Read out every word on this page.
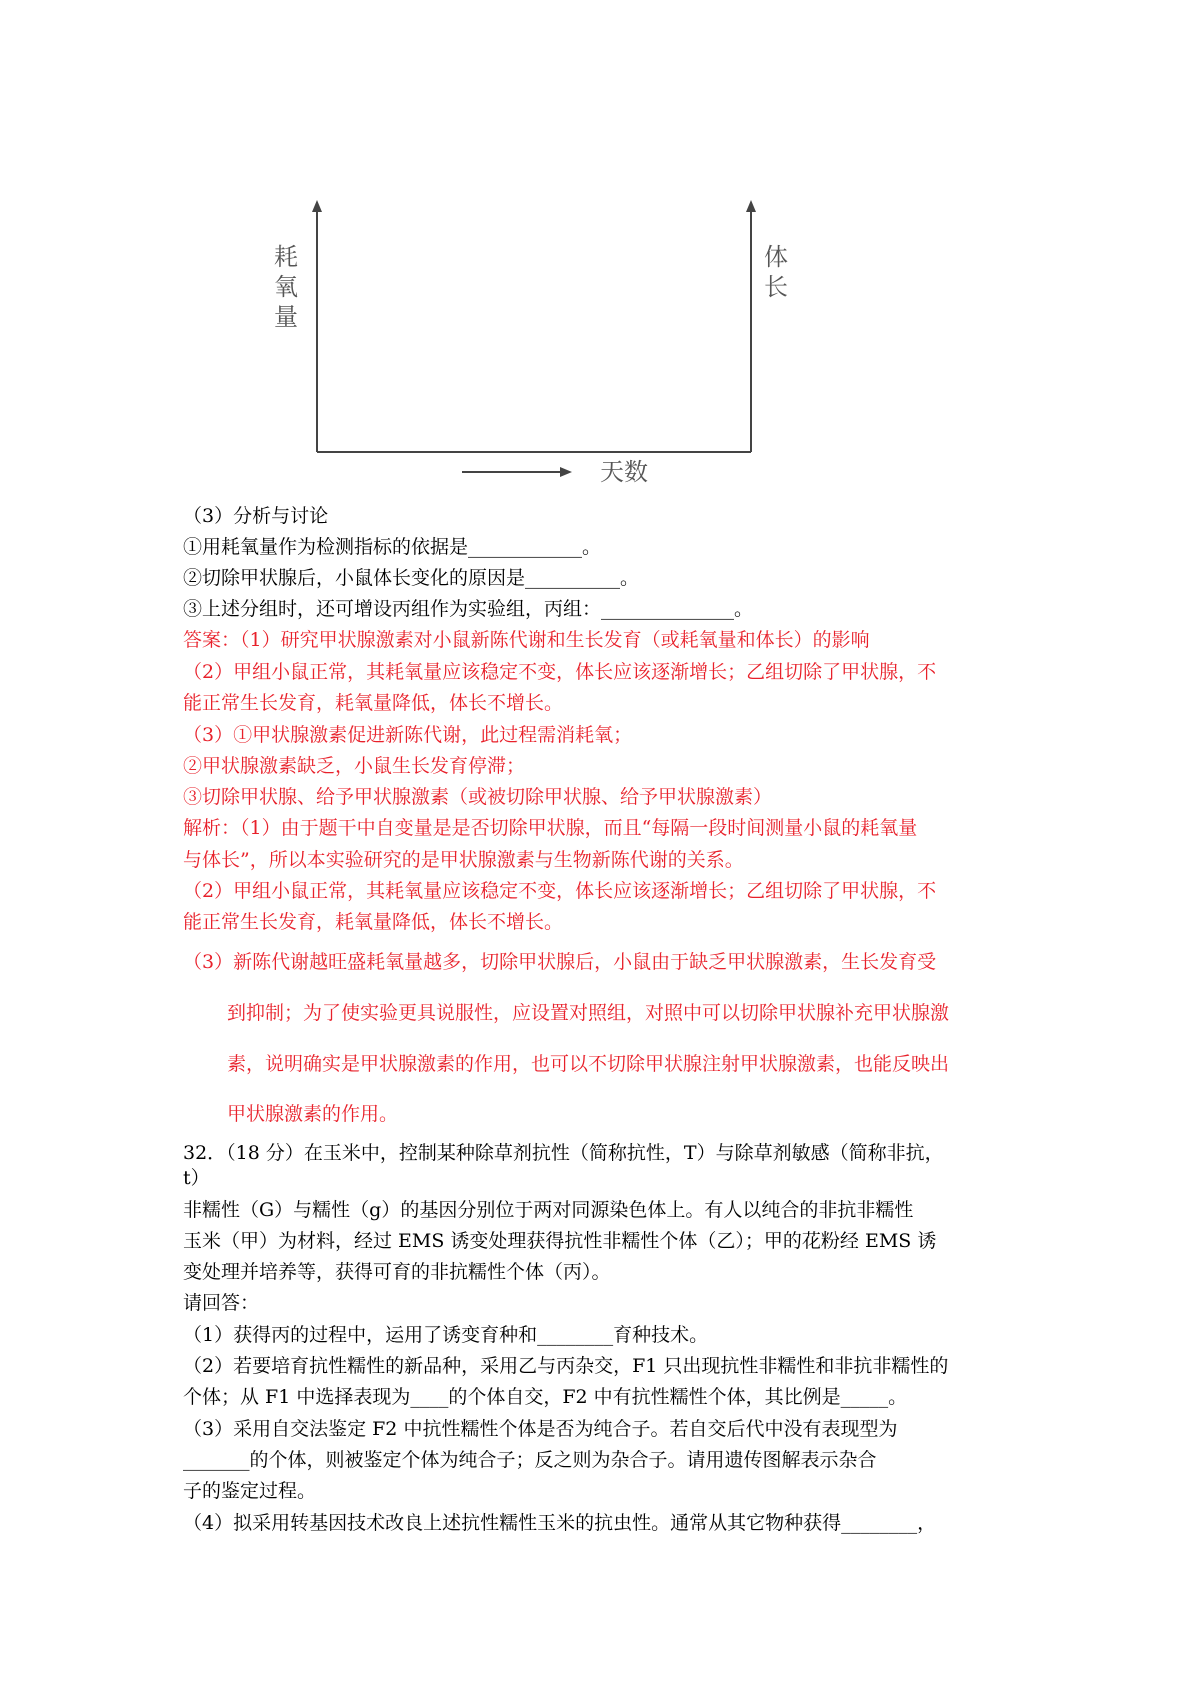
耗
氧
量
体
长
天数
（3）分析与讨论
①用耗氧量作为检测指标的依据是____________。
②切除甲状腺后，小鼠体长变化的原因是__________。
③上述分组时，还可增设丙组作为实验组，丙组：______________。
答案：（1）研究甲状腺激素对小鼠新陈代谢和生长发育（或耗氧量和体长）的影响
（2）甲组小鼠正常，其耗氧量应该稳定不变，体长应该逐渐增长；乙组切除了甲状腺，不
能正常生长发育，耗氧量降低，体长不增长。
（3）①甲状腺激素促进新陈代谢，此过程需消耗氧；
②甲状腺激素缺乏，小鼠生长发育停滞；
③切除甲状腺、给予甲状腺激素（或被切除甲状腺、给予甲状腺激素）
解析：（1）由于题干中自变量是是否切除甲状腺，而且“每隔一段时间测量小鼠的耗氧量
与体长”，所以本实验研究的是甲状腺激素与生物新陈代谢的关系。
（2）甲组小鼠正常，其耗氧量应该稳定不变，体长应该逐渐增长；乙组切除了甲状腺，不
能正常生长发育，耗氧量降低，体长不增长。
（3）新陈代谢越旺盛耗氧量越多，切除甲状腺后，小鼠由于缺乏甲状腺激素，生长发育受
到抑制；为了使实验更具说服性，应设置对照组，对照中可以切除甲状腺补充甲状腺激
素，说明确实是甲状腺激素的作用，也可以不切除甲状腺注射甲状腺激素，也能反映出
甲状腺激素的作用。
32．（18 分）在玉米中，控制某种除草剂抗性（简称抗性，T）与除草剂敏感（简称非抗，
t）
非糯性（G）与糯性（g）的基因分别位于两对同源染色体上。有人以纯合的非抗非糯性
玉米（甲）为材料，经过 EMS 诱变处理获得抗性非糯性个体（乙）；甲的花粉经 EMS 诱
变处理并培养等，获得可育的非抗糯性个体（丙）。
请回答：
（1）获得丙的过程中，运用了诱变育种和________育种技术。
（2）若要培育抗性糯性的新品种，采用乙与丙杂交，F1 只出现抗性非糯性和非抗非糯性的
个体；从 F1 中选择表现为____的个体自交，F2 中有抗性糯性个体，其比例是_____。
（3）采用自交法鉴定 F2 中抗性糯性个体是否为纯合子。若自交后代中没有表现型为
_______的个体，则被鉴定个体为纯合子；反之则为杂合子。请用遗传图解表示杂合
子的鉴定过程。
（4）拟采用转基因技术改良上述抗性糯性玉米的抗虫性。通常从其它物种获得________，
